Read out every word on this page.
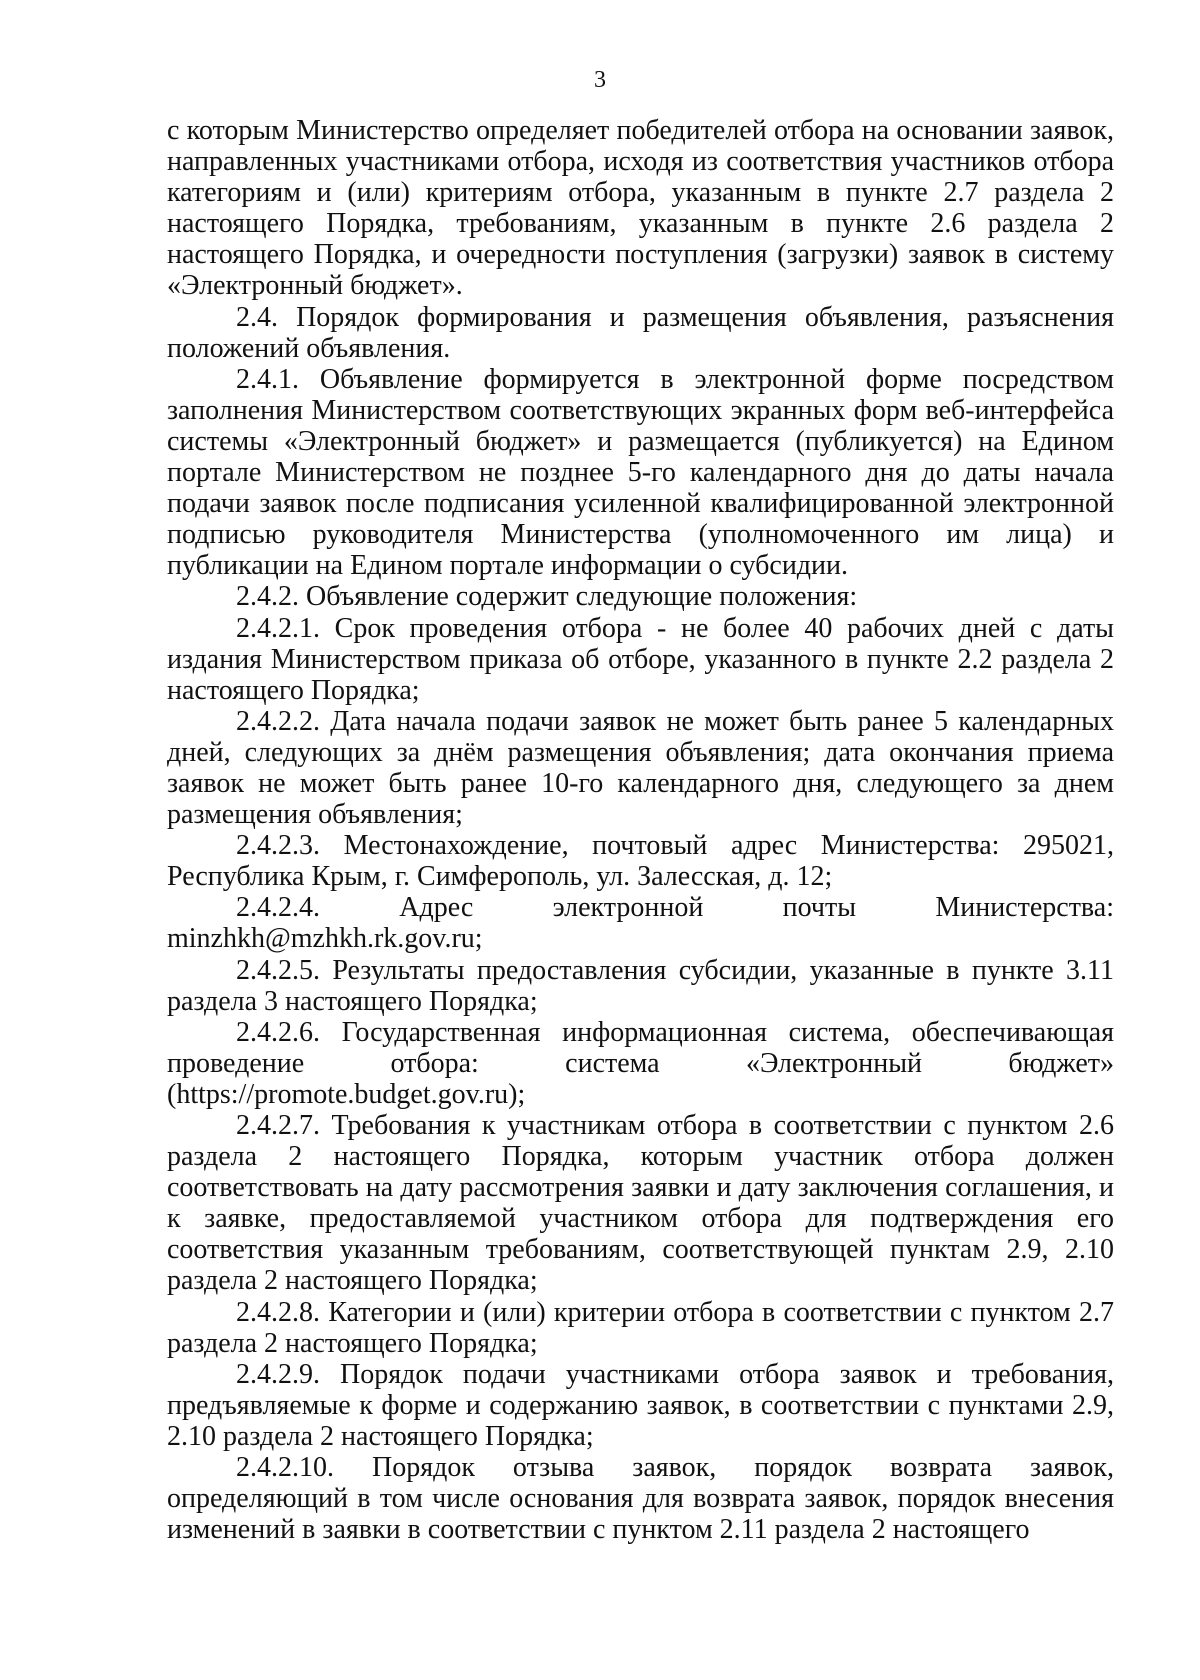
3

с которым Министерство определяет победителей отбора на основании заявок, направленных участниками отбора, исходя из соответствия участников отбора категориям и (или) критериям отбора, указанным в пункте 2.7 раздела 2 настоящего Порядка, требованиям, указанным в пункте 2.6 раздела 2 настоящего Порядка, и очередности поступления (загрузки) заявок в систему «Электронный бюджет».

2.4. Порядок формирования и размещения объявления, разъяснения положений объявления.

2.4.1. Объявление формируется в электронной форме посредством заполнения Министерством соответствующих экранных форм веб-интерфейса системы «Электронный бюджет» и размещается (публикуется) на Едином портале Министерством не позднее 5-го календарного дня до даты начала подачи заявок после подписания усиленной квалифицированной электронной подписью руководителя Министерства (уполномоченного им лица) и публикации на Едином портале информации о субсидии.

2.4.2. Объявление содержит следующие положения:

2.4.2.1. Срок проведения отбора - не более 40 рабочих дней с даты издания Министерством приказа об отборе, указанного в пункте 2.2 раздела 2 настоящего Порядка;

2.4.2.2. Дата начала подачи заявок не может быть ранее 5 календарных дней, следующих за днём размещения объявления; дата окончания приема заявок не может быть ранее 10-го календарного дня, следующего за днем размещения объявления;

2.4.2.3. Местонахождение, почтовый адрес Министерства: 295021, Республика Крым, г. Симферополь, ул. Залесская, д. 12;

2.4.2.4. Адрес электронной почты Министерства: minzhkh@mzhkh.rk.gov.ru;

2.4.2.5. Результаты предоставления субсидии, указанные в пункте 3.11 раздела 3 настоящего Порядка;

2.4.2.6. Государственная информационная система, обеспечивающая проведение отбора: система «Электронный бюджет» (https://promote.budget.gov.ru);

2.4.2.7. Требования к участникам отбора в соответствии с пунктом 2.6 раздела 2 настоящего Порядка, которым участник отбора должен соответствовать на дату рассмотрения заявки и дату заключения соглашения, и к заявке, предоставляемой участником отбора для подтверждения его соответствия указанным требованиям, соответствующей пунктам 2.9, 2.10 раздела 2 настоящего Порядка;

2.4.2.8. Категории и (или) критерии отбора в соответствии с пунктом 2.7 раздела 2 настоящего Порядка;

2.4.2.9. Порядок подачи участниками отбора заявок и требования, предъявляемые к форме и содержанию заявок, в соответствии с пунктами 2.9, 2.10 раздела 2 настоящего Порядка;

2.4.2.10. Порядок отзыва заявок, порядок возврата заявок, определяющий в том числе основания для возврата заявок, порядок внесения изменений в заявки в соответствии с пунктом 2.11 раздела 2 настоящего
